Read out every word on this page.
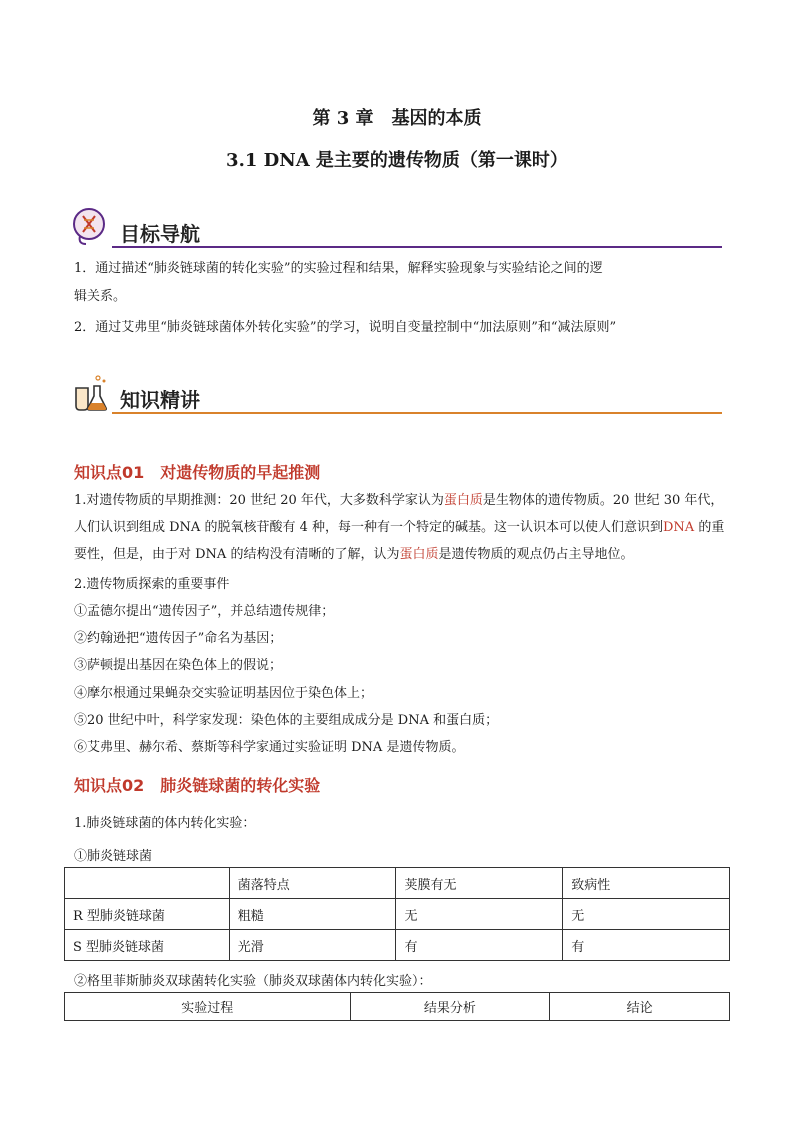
第 3 章　基因的本质
3.1 DNA 是主要的遗传物质（第一课时）
目标导航
1．通过描述“肺炎链球菌的转化实验”的实验过程和结果，解释实验现象与实验结论之间的逻
辑关系。
2．通过艾弗里“肺炎链球菌体外转化实验”的学习，说明自变量控制中“加法原则”和“减法原则”
知识精讲
知识点01 对遗传物质的早起推测
1.对遗传物质的早期推测：20 世纪 20 年代，大多数科学家认为蛋白质是生物体的遗传物质。20 世纪 30 年代，人们认识到组成 DNA 的脱氧核苷酸有 4 种，每一种有一个特定的碱基。这一认识本可以使人们意识到DNA 的重要性，但是，由于对 DNA 的结构没有清晰的了解，认为蛋白质是遗传物质的观点仍占主导地位。
2.遗传物质探索的重要事件
①孟德尔提出“遗传因子”，并总结遗传规律；
②约翰逊把“遗传因子”命名为基因；
③萨顿提出基因在染色体上的假说；
④摩尔根通过果蝇杂交实验证明基因位于染色体上；
⑤20 世纪中叶，科学家发现：染色体的主要组成成分是 DNA 和蛋白质；
⑥艾弗里、赫尔希、蔡斯等科学家通过实验证明 DNA 是遗传物质。
知识点02 肺炎链球菌的转化实验
1.肺炎链球菌的体内转化实验：
①肺炎链球菌
	菌落特点	荚膜有无	致病性
R 型肺炎链球菌	粗糙	无	无
S 型肺炎链球菌	光滑	有	有
②格里菲斯肺炎双球菌转化实验（肺炎双球菌体内转化实验）：
实验过程	结果分析	结论
